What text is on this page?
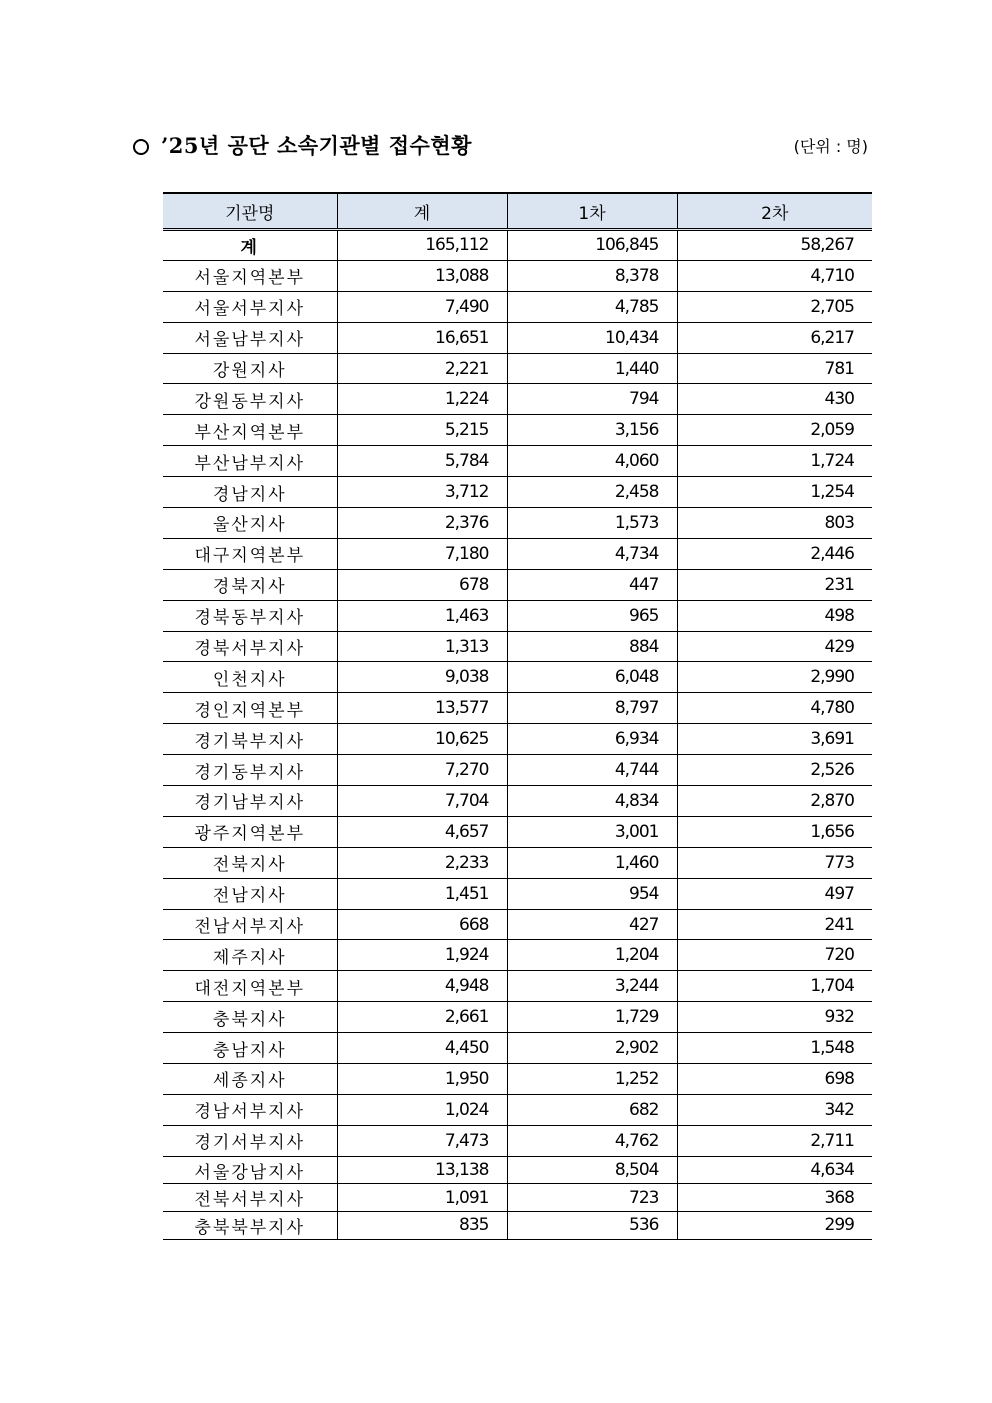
’25년 공단 소속기관별 접수현황	(단위 : 명)
기관명	계	1차	2차
계	165,112	106,845	58,267
서울지역본부	13,088	8,378	4,710
서울서부지사	7,490	4,785	2,705
서울남부지사	16,651	10,434	6,217
강원지사	2,221	1,440	781
강원동부지사	1,224	794	430
부산지역본부	5,215	3,156	2,059
부산남부지사	5,784	4,060	1,724
경남지사	3,712	2,458	1,254
울산지사	2,376	1,573	803
대구지역본부	7,180	4,734	2,446
경북지사	678	447	231
경북동부지사	1,463	965	498
경북서부지사	1,313	884	429
인천지사	9,038	6,048	2,990
경인지역본부	13,577	8,797	4,780
경기북부지사	10,625	6,934	3,691
경기동부지사	7,270	4,744	2,526
경기남부지사	7,704	4,834	2,870
광주지역본부	4,657	3,001	1,656
전북지사	2,233	1,460	773
전남지사	1,451	954	497
전남서부지사	668	427	241
제주지사	1,924	1,204	720
대전지역본부	4,948	3,244	1,704
충북지사	2,661	1,729	932
충남지사	4,450	2,902	1,548
세종지사	1,950	1,252	698
경남서부지사	1,024	682	342
경기서부지사	7,473	4,762	2,711
서울강남지사	13,138	8,504	4,634
전북서부지사	1,091	723	368
충북북부지사	835	536	299
